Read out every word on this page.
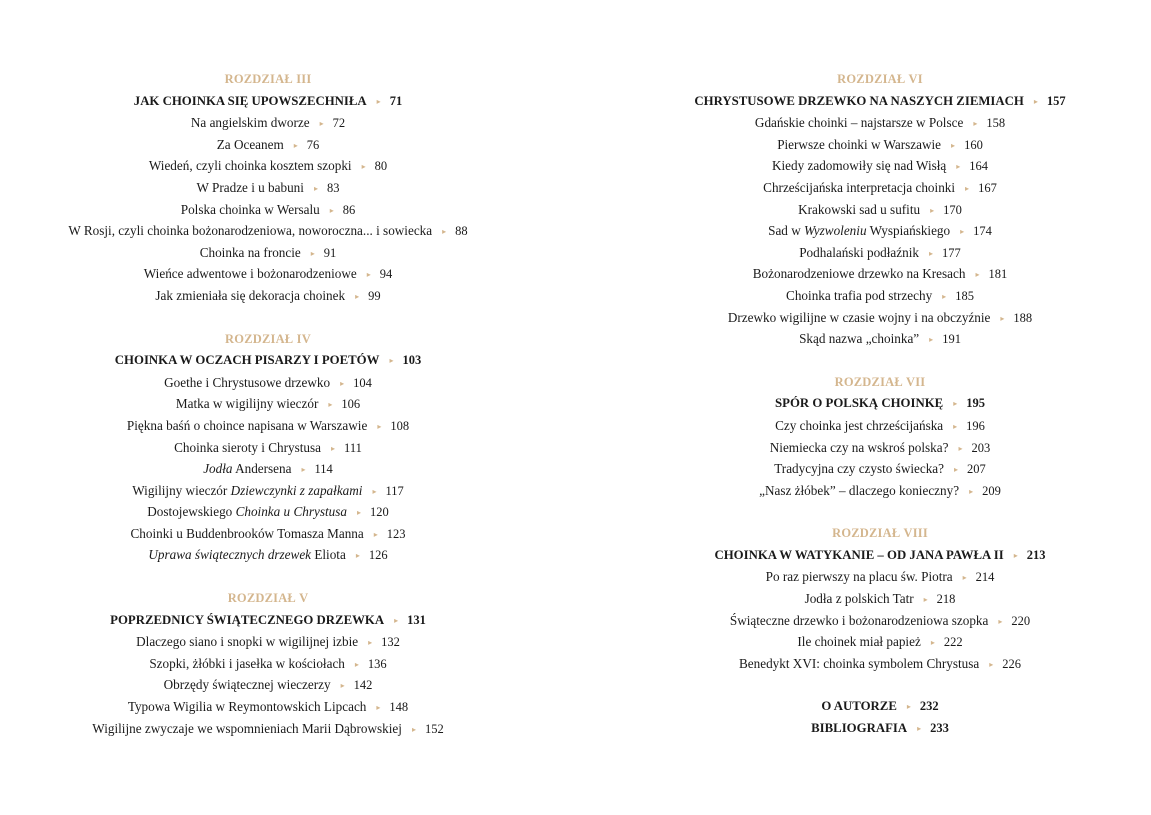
ROZDZIAŁ III
JAK CHOINKA SIĘ UPOWSZECHNIŁA ▸ 71
Na angielskim dworze ▸ 72
Za Oceanem ▸ 76
Wiedeń, czyli choinka kosztem szopki ▸ 80
W Pradze i u babuni ▸ 83
Polska choinka w Wersalu ▸ 86
W Rosji, czyli choinka bożonarodzeniowa, noworoczna... i sowiecka ▸ 88
Choinka na froncie ▸ 91
Wieńce adwentowe i bożonarodzeniowe ▸ 94
Jak zmieniała się dekoracja choinek ▸ 99
ROZDZIAŁ IV
CHOINKA W OCZACH PISARZY I POETÓW ▸ 103
Goethe i Chrystusowe drzewko ▸ 104
Matka w wigilijny wieczór ▸ 106
Piękna baśń o choince napisana w Warszawie ▸ 108
Choinka sieroty i Chrystusa ▸ 111
Jodła Andersena ▸ 114
Wigilijny wieczór Dziewczynki z zapałkami ▸ 117
Dostojewskiego Choinka u Chrystusa ▸ 120
Choinki u Buddenbrooków Tomasza Manna ▸ 123
Uprawa świątecznych drzewek Eliota ▸ 126
ROZDZIAŁ V
POPRZEDNICY ŚWIĄTECZNEGO DRZEWKA ▸ 131
Dlaczego siano i snopki w wigilijnej izbie ▸ 132
Szopki, żłóbki i jasełka w kościołach ▸ 136
Obrzędy świątecznej wieczerzy ▸ 142
Typowa Wigilia w Reymontowskich Lipcach ▸ 148
Wigilijne zwyczaje we wspomnieniach Marii Dąbrowskiej ▸ 152
ROZDZIAŁ VI
CHRYSTUSOWE DRZEWKO NA NASZYCH ZIEMIACH ▸ 157
Gdańskie choinki – najstarsze w Polsce ▸ 158
Pierwsze choinki w Warszawie ▸ 160
Kiedy zadomowiły się nad Wisłą ▸ 164
Chrześcijańska interpretacja choinki ▸ 167
Krakowski sad u sufitu ▸ 170
Sad w Wyzwoleniu Wyspiańskiego ▸ 174
Podhalański podłaźnik ▸ 177
Bożonarodzeniowe drzewko na Kresach ▸ 181
Choinka trafia pod strzechy ▸ 185
Drzewko wigilijne w czasie wojny i na obczyźnie ▸ 188
Skąd nazwa „choinka” ▸ 191
ROZDZIAŁ VII
SPÓR O POLSKĄ CHOINKĘ ▸ 195
Czy choinka jest chrześcijańska ▸ 196
Niemiecka czy na wskroś polska? ▸ 203
Tradycyjna czy czysto świecka? ▸ 207
„Nasz żłóbek” – dlaczego konieczny? ▸ 209
ROZDZIAŁ VIII
CHOINKA W WATYKANIE – OD JANA PAWŁA II ▸ 213
Po raz pierwszy na placu św. Piotra ▸ 214
Jodła z polskich Tatr ▸ 218
Świąteczne drzewko i bożonarodzeniowa szopka ▸ 220
Ile choinek miał papież ▸ 222
Benedykt XVI: choinka symbolem Chrystusa ▸ 226
O AUTORZE ▸ 232
BIBLIOGRAFIA ▸ 233
